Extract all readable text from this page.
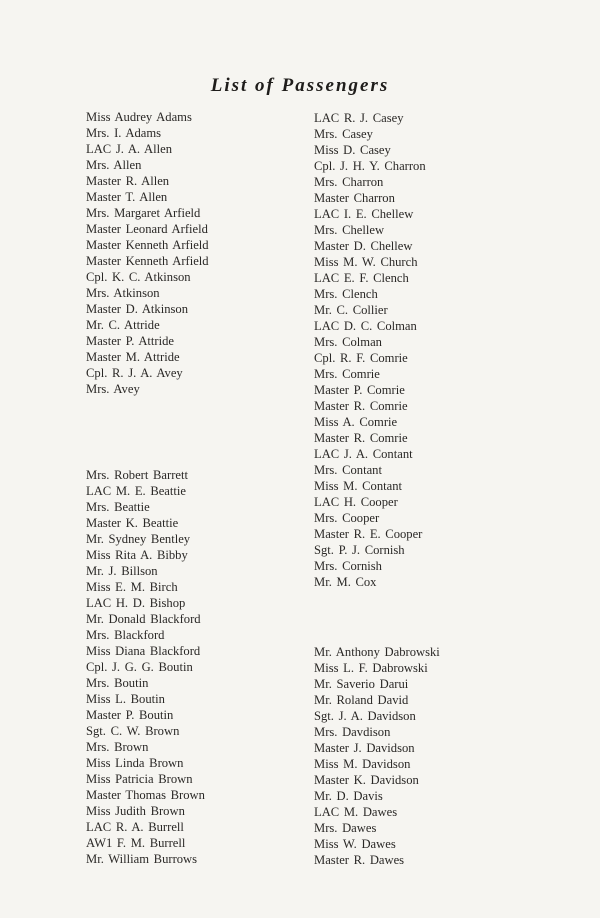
List of Passengers
Miss Audrey Adams
Mrs. I. Adams
LAC J. A. Allen
Mrs. Allen
Master R. Allen
Master T. Allen
Mrs. Margaret Arfield
Master Leonard Arfield
Master Kenneth Arfield
Master Kenneth Arfield
Cpl. K. C. Atkinson
Mrs. Atkinson
Master D. Atkinson
Mr. C. Attride
Master P. Attride
Master M. Attride
Cpl. R. J. A. Avey
Mrs. Avey
Mrs. Robert Barrett
LAC M. E. Beattie
Mrs. Beattie
Master K. Beattie
Mr. Sydney Bentley
Miss Rita A. Bibby
Mr. J. Billson
Miss E. M. Birch
LAC H. D. Bishop
Mr. Donald Blackford
Mrs. Blackford
Miss Diana Blackford
Cpl. J. G. G. Boutin
Mrs. Boutin
Miss L. Boutin
Master P. Boutin
Sgt. C. W. Brown
Mrs. Brown
Miss Linda Brown
Miss Patricia Brown
Master Thomas Brown
Miss Judith Brown
LAC R. A. Burrell
AW1 F. M. Burrell
Mr. William Burrows
LAC R. J. Casey
Mrs. Casey
Miss D. Casey
Cpl. J. H. Y. Charron
Mrs. Charron
Master Charron
LAC I. E. Chellew
Mrs. Chellew
Master D. Chellew
Miss M. W. Church
LAC E. F. Clench
Mrs. Clench
Mr. C. Collier
LAC D. C. Colman
Mrs. Colman
Cpl. R. F. Comrie
Mrs. Comrie
Master P. Comrie
Master R. Comrie
Miss A. Comrie
Master R. Comrie
LAC J. A. Contant
Mrs. Contant
Miss M. Contant
LAC H. Cooper
Mrs. Cooper
Master R. E. Cooper
Sgt. P. J. Cornish
Mrs. Cornish
Mr. M. Cox
Mr. Anthony Dabrowski
Miss L. F. Dabrowski
Mr. Saverio Darui
Mr. Roland David
Sgt. J. A. Davidson
Mrs. Davdison
Master J. Davidson
Miss M. Davidson
Master K. Davidson
Mr. D. Davis
LAC M. Dawes
Mrs. Dawes
Miss W. Dawes
Master R. Dawes
